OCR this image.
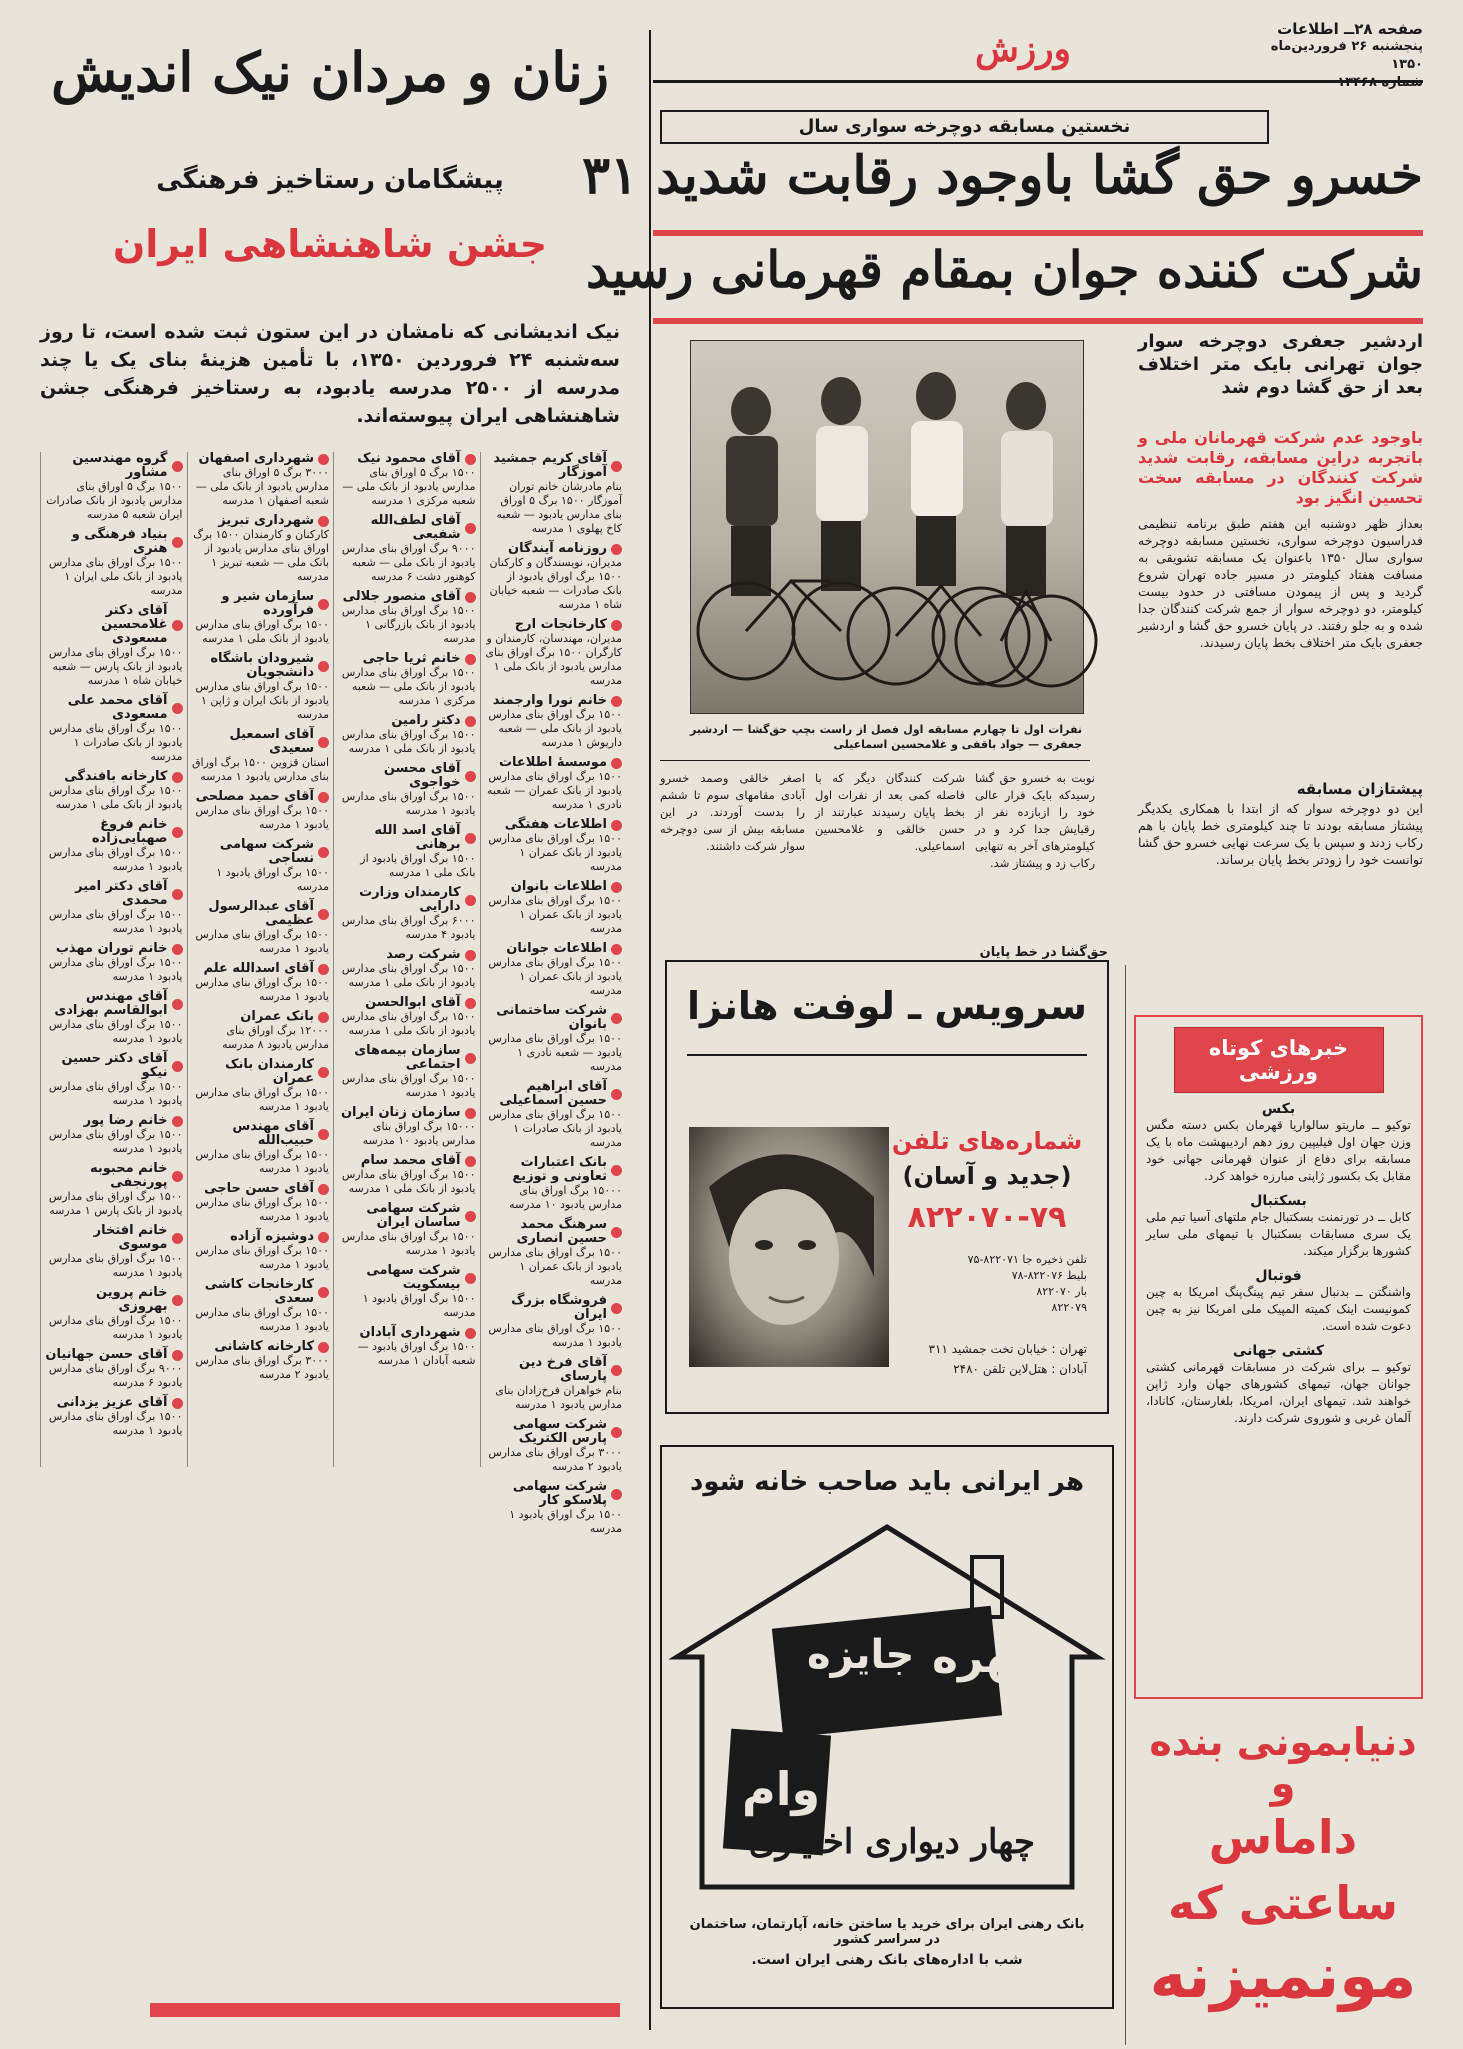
صفحه ۲۸ــ اطلاعات
پنجشنبه ۲۶ فروردین‌ماه ۱۳۵۰
ورزش
زنان و مردان نیک اندیش
پیشگامان رستاخیز فرهنگی
جشن شاهنشاهی ایران
نیک اندیشانی که نامشان در این ستون ثبت شده است، تا روز سه‌شنبه ۲۴ فروردین ۱۳۵۰، با تأمین هزینهٔ بنای یک یا چند مدرسه از ۲۵۰۰ مدرسه یادبود، به رستاخیز فرهنگی جشن شاهنشاهی ایران پیوسته‌اند.
آقای کریم جمشید آموزگار
بنام مادرشان خانم توران آموزگار ۱۵۰۰ برگ ۵ اوراق بنای مدارس یادبود — شعبه کاخ پهلوی ۱ مدرسه
روزنامه آیندگان
مدیران، نویسندگان و کارکنان ۱۵۰۰ برگ اوراق یادبود از بانک صادرات — شعبه خیابان شاه ۱ مدرسه
کارخانجات ارج
مدیران، مهندسان، کارمندان و کارگران ۱۵۰۰ برگ اوراق بنای مدارس یادبود از بانک ملی ۱ مدرسه
خانم نورا وارجمند
۱۵۰۰ برگ اوراق بنای مدارس یادبود از بانک ملی — شعبه داریوش ۱ مدرسه
موسسهٔ اطلاعات
۱۵۰۰ برگ اوراق بنای مدارس یادبود از بانک عمران — شعبه نادری ۱ مدرسه
اطلاعات هفتگی
۱۵۰۰ برگ اوراق بنای مدارس یادبود از بانک عمران ۱ مدرسه
اطلاعات بانوان
۱۵۰۰ برگ اوراق بنای مدارس یادبود از بانک عمران ۱ مدرسه
اطلاعات جوانان
۱۵۰۰ برگ اوراق بنای مدارس یادبود از بانک عمران ۱ مدرسه
شرکت ساختمانی بانوان
۱۵۰۰ برگ اوراق بنای مدارس یادبود — شعبه نادری ۱ مدرسه
آقای ابراهیم حسین اسماعیلی
۱۵۰۰ برگ اوراق بنای مدارس یادبود از بانک صادرات ۱ مدرسه
بانک اعتبارات تعاونی و توزیع
۱۵۰۰۰ برگ اوراق بنای مدارس یادبود ۱۰ مدرسه
سرهنگ محمد حسین انصاری
۱۵۰۰ برگ اوراق بنای مدارس یادبود از بانک عمران ۱ مدرسه
فروشگاه بزرگ ایران
۱۵۰۰ برگ اوراق بنای مدارس یادبود ۱ مدرسه
آقای فرخ دین پارسای
بنام خواهران فرخ‌زادان بنای مدارس یادبود ۱ مدرسه
شرکت سهامی پارس الکتریک
۳۰۰۰ برگ اوراق بنای مدارس یادبود ۲ مدرسه
شرکت سهامی پلاسکو کار
۱۵۰۰ برگ اوراق یادبود ۱ مدرسه
آقای محمود نیک
۱۵۰۰ برگ ۵ اوراق بنای مدارس یادبود از بانک ملی — شعبه مرکزی ۱ مدرسه
آقای لطف‌الله شفیعی
۹۰۰۰ برگ اوراق بنای مدارس یادبود از بانک ملی — شعبه کوهنور دشت ۶ مدرسه
آقای منصور جلالی
۱۵۰۰ برگ اوراق بنای مدارس یادبود از بانک بازرگانی ۱ مدرسه
خانم ثریا حاجی
۱۵۰۰ برگ اوراق بنای مدارس یادبود از بانک ملی — شعبه مرکزی ۱ مدرسه
دکتر رامین
۱۵۰۰ برگ اوراق بنای مدارس یادبود از بانک ملی ۱ مدرسه
آقای محسن خواجوی
۱۵۰۰ برگ اوراق بنای مدارس یادبود ۱ مدرسه
آقای اسد الله برهانی
۱۵۰۰ برگ اوراق یادبود از بانک ملی ۱ مدرسه
کارمندان وزارت دارایی
۶۰۰۰ برگ اوراق بنای مدارس یادبود ۴ مدرسه
شرکت رصد
۱۵۰۰ برگ اوراق بنای مدارس یادبود از بانک ملی ۱ مدرسه
آقای ابوالحسن
۱۵۰۰ برگ اوراق بنای مدارس یادبود از بانک ملی ۱ مدرسه
سازمان بیمه‌های اجتماعی
۱۵۰۰ برگ اوراق بنای مدارس یادبود ۱ مدرسه
سازمان زنان ایران
۱۵۰۰۰ برگ اوراق بنای مدارس یادبود ۱۰ مدرسه
آقای محمد سام
۱۵۰۰ برگ اوراق بنای مدارس یادبود از بانک ملی ۱ مدرسه
شرکت سهامی ساسان ایران
۱۵۰۰ برگ اوراق بنای مدارس یادبود ۱ مدرسه
شرکت سهامی بیسکویت
۱۵۰۰ برگ اوراق یادبود ۱ مدرسه
شهرداری آبادان
۱۵۰۰ برگ اوراق یادبود — شعبه آبادان ۱ مدرسه
شهرداری اصفهان
۳۰۰۰ برگ ۵ اوراق بنای مدارس یادبود از بانک ملی — شعبه اصفهان ۱ مدرسه
شهرداری تبریز
کارکنان و کارمندان ۱۵۰۰ برگ اوراق بنای مدارس یادبود از بانک ملی — شعبه تبریز ۱ مدرسه
سازمان شیر و فرآورده
۱۵۰۰ برگ اوراق بنای مدارس یادبود از بانک ملی ۱ مدرسه
شیرودان باشگاه دانشجویان
۱۵۰۰ برگ اوراق بنای مدارس یادبود از بانک ایران و ژاپن ۱ مدرسه
آقای اسمعیل سعیدی
استان قزوین ۱۵۰۰ برگ اوراق بنای مدارس یادبود ۱ مدرسه
آقای حمید مصلحی
۱۵۰۰ برگ اوراق بنای مدارس یادبود ۱ مدرسه
شرکت سهامی نساجی
۱۵۰۰ برگ اوراق یادبود ۱ مدرسه
آقای عبدالرسول عظیمی
۱۵۰۰ برگ اوراق بنای مدارس یادبود ۱ مدرسه
آقای اسدالله علم
۱۵۰۰ برگ اوراق بنای مدارس یادبود ۱ مدرسه
بانک عمران
۱۲۰۰۰ برگ اوراق بنای مدارس یادبود ۸ مدرسه
کارمندان بانک عمران
۱۵۰۰ برگ اوراق بنای مدارس یادبود ۱ مدرسه
آقای مهندس حبیب‌الله
۱۵۰۰ برگ اوراق بنای مدارس یادبود ۱ مدرسه
آقای حسن حاجی
۱۵۰۰ برگ اوراق بنای مدارس یادبود ۱ مدرسه
دوشیزه آزاده
۱۵۰۰ برگ اوراق بنای مدارس یادبود ۱ مدرسه
کارخانجات کاشی سعدی
۱۵۰۰ برگ اوراق بنای مدارس یادبود ۱ مدرسه
کارخانه کاشانی
۳۰۰۰ برگ اوراق بنای مدارس یادبود ۲ مدرسه
گروه مهندسین مشاور
۱۵۰۰ برگ ۵ اوراق بنای مدارس یادبود از بانک صادرات ایران شعبه ۵ مدرسه
بنیاد فرهنگی و هنری
۱۵۰۰ برگ اوراق بنای مدارس یادبود از بانک ملی ایران ۱ مدرسه
آقای دکتر غلامحسین مسعودی
۱۵۰۰ برگ اوراق بنای مدارس یادبود از بانک پارس — شعبه خیابان شاه ۱ مدرسه
آقای محمد علی مسعودی
۱۵۰۰ برگ اوراق بنای مدارس یادبود از بانک صادرات ۱ مدرسه
کارخانه بافندگی
۱۵۰۰ برگ اوراق بنای مدارس یادبود از بانک ملی ۱ مدرسه
خانم فروغ صهبایی‌زاده
۱۵۰۰ برگ اوراق بنای مدارس یادبود ۱ مدرسه
آقای دکتر امیر محمدی
۱۵۰۰ برگ اوراق بنای مدارس یادبود ۱ مدرسه
خانم توران مهذب
۱۵۰۰ برگ اوراق بنای مدارس یادبود ۱ مدرسه
آقای مهندس ابوالقاسم بهزادی
۱۵۰۰ برگ اوراق بنای مدارس یادبود ۱ مدرسه
آقای دکتر حسین نیکو
۱۵۰۰ برگ اوراق بنای مدارس یادبود ۱ مدرسه
خانم رضا پور
۱۵۰۰ برگ اوراق بنای مدارس یادبود ۱ مدرسه
خانم محبوبه پورنجفی
۱۵۰۰ برگ اوراق بنای مدارس یادبود از بانک پارس ۱ مدرسه
خانم افتخار موسوی
۱۵۰۰ برگ اوراق بنای مدارس یادبود ۱ مدرسه
خانم پروین بهروزی
۱۵۰۰ برگ اوراق بنای مدارس یادبود ۱ مدرسه
آقای حسن جهانیان
۹۰۰۰ برگ اوراق بنای مدارس یادبود ۶ مدرسه
آقای عزیز یزدانی
۱۵۰۰ برگ اوراق بنای مدارس یادبود ۱ مدرسه
نخستین مسابقه دوچرخه سواری سال
خسرو حق گشا باوجود رقابت شدید ۳۱
شرکت کننده جوان بمقام قهرمانی رسید
اردشیر جعفری دوچرخه سوار جوان تهرانی بایک متر اختلاف بعد از حق گشا دوم شد
باوجود عدم شرکت قهرمانان ملی و باتجربه دراین مسابقه، رقابت شدید شرکت کنندگان در مسابقه سخت تحسین انگیز بود
بعداز ظهر دوشنبه این هفتم طبق برنامه تنظیمی فدراسیون دوچرخه سواری، نخستین مسابقه دوچرخه سواری سال ۱۳۵۰ باعنوان یک مسابقه تشویقی به مسافت هفتاد کیلومتر در مسیر جاده تهران شروع گردید و پس از پیمودن مسافتی در حدود بیست کیلومتر، دو دوچرخه سوار از جمع شرکت کنندگان جدا شده و به جلو رفتند. در پایان خسرو حق گشا و اردشیر جعفری بایک متر اختلاف بخط پایان رسیدند.
پیشتازان مسابقه
این دو دوچرخه سوار که از ابتدا با همکاری یکدیگر پیشتاز مسابقه بودند تا چند کیلومتری خط پایان با هم رکاب زدند و سپس با یک سرعت نهایی خسرو حق گشا توانست خود را زودتر بخط پایان برساند.
نفرات اول تا چهارم مسابقه اول فصل از راست بچپ حق‌گشا — اردشیر جعفری — جواد باقفی و غلامحسین اسماعیلی
نوبت به خسرو حق گشا رسیدکه بایک فرار عالی خود را ازبازده نفر از رقبایش جدا کرد و در کیلومترهای آخر به تنهایی رکاب زد و پیشتاز شد.
شرکت کنندگان دیگر که با فاصله کمی بعد از نفرات اول بخط پایان رسیدند عبارتند از حسن خالقی و غلامحسین اسماعیلی.
اصغر خالقی وصمد خسرو آبادی مقامهای سوم تا ششم را بدست آوردند. در این مسابقه بیش از سی دوچرخه سوار شرکت داشتند.
حق‌گشا در خط پایان
سرویس ـ لوفت هانزا
شماره‌های تلفن
(جدید و آسان)
۸۲۲۰۷۰-۷۹
تلفن ذخیره جا ۸۲۲۰۷۱-۷۵
بلیط ۸۲۲۰۷۶-۷۸
بار ۸۲۲۰۷۰
۸۲۲۰۷۹
تهران : خیابان تخت جمشید ۳۱۱
آبادان : هتل‌لاین تلفن ۲۴۸۰
هر ایرانی باید صاحب خانه شود
بهره
جایزه
وام
چهار دیواری اختیاری
بانک رهنی ایران برای خرید یا ساختن خانه، آپارتمان، ساختمان در سراسر کشور
شب با اداره‌های بانک رهنی ایران است.
خبرهای کوتاه ورزشی
بکس
توکیو ــ ماریتو سالواریا قهرمان بکس دسته مگس وزن جهان اول فیلیپین روز دهم اردیبهشت ماه با یک مسابقه برای دفاع از عنوان قهرمانی جهانی خود مقابل یک بکسور ژاپنی مبارزه خواهد کرد.
بسکتبال
کابل ــ در تورنمنت بسکتبال جام ملتهای آسیا تیم ملی یک سری مسابقات بسکتبال با تیمهای ملی سایر کشورها برگزار میکند.
فوتبال
واشنگتن ــ بدنبال سفر تیم پینگ‌پنگ امریکا به چین کمونیست اینک کمیته المپیک ملی امریکا نیز به چین دعوت شده است.
کشتی جهانی
توکیو ــ برای شرکت در مسابقات قهرمانی کشتی جوانان جهان، تیمهای کشورهای جهان وارد ژاپن خواهند شد. تیمهای ایران، امریکا، بلغارستان، کانادا، آلمان غربی و شوروی شرکت دارند.
دنیابمونی بنده
و
داماس ساعتی که
مونمیزنه
